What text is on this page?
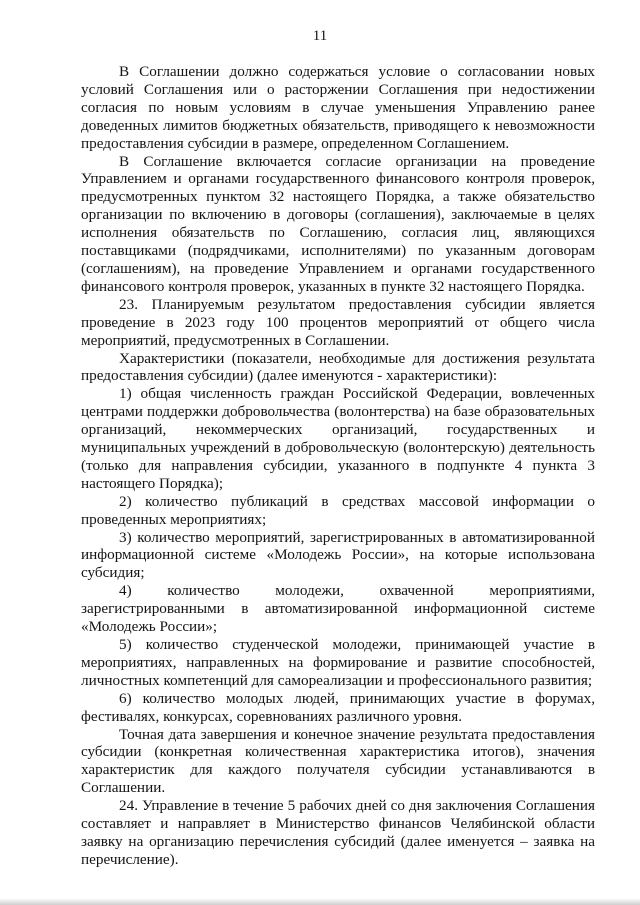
11

В Соглашении должно содержаться условие о согласовании новых условий Соглашения или о расторжении Соглашения при недостижении согласия по новым условиям в случае уменьшения Управлению ранее доведенных лимитов бюджетных обязательств, приводящего к невозможности предоставления субсидии в размере, определенном Соглашением.

В Соглашение включается согласие организации на проведение Управлением и органами государственного финансового контроля проверок, предусмотренных пунктом 32 настоящего Порядка, а также обязательство организации по включению в договоры (соглашения), заключаемые в целях исполнения обязательств по Соглашению, согласия лиц, являющихся поставщиками (подрядчиками, исполнителями) по указанным договорам (соглашениям), на проведение Управлением и органами государственного финансового контроля проверок, указанных в пункте 32 настоящего Порядка.

23. Планируемым результатом предоставления субсидии является проведение в 2023 году 100 процентов мероприятий от общего числа мероприятий, предусмотренных в Соглашении.

Характеристики (показатели, необходимые для достижения результата предоставления субсидии) (далее именуются - характеристики):

1) общая численность граждан Российской Федерации, вовлеченных центрами поддержки добровольчества (волонтерства) на базе образовательных организаций, некоммерческих организаций, государственных и муниципальных учреждений в добровольческую (волонтерскую) деятельность (только для направления субсидии, указанного в подпункте 4 пункта 3 настоящего Порядка);

2) количество публикаций в средствах массовой информации о проведенных мероприятиях;

3) количество мероприятий, зарегистрированных в автоматизированной информационной системе «Молодежь России», на которые использована субсидия;

4) количество молодежи, охваченной мероприятиями, зарегистрированными в автоматизированной информационной системе «Молодежь России»;

5) количество студенческой молодежи, принимающей участие в мероприятиях, направленных на формирование и развитие способностей, личностных компетенций для самореализации и профессионального развития;

6) количество молодых людей, принимающих участие в форумах, фестивалях, конкурсах, соревнованиях различного уровня.

Точная дата завершения и конечное значение результата предоставления субсидии (конкретная количественная характеристика итогов), значения характеристик для каждого получателя субсидии устанавливаются в Соглашении.

24. Управление в течение 5 рабочих дней со дня заключения Соглашения составляет и направляет в Министерство финансов Челябинской области заявку на организацию перечисления субсидий (далее именуется – заявка на перечисление).
